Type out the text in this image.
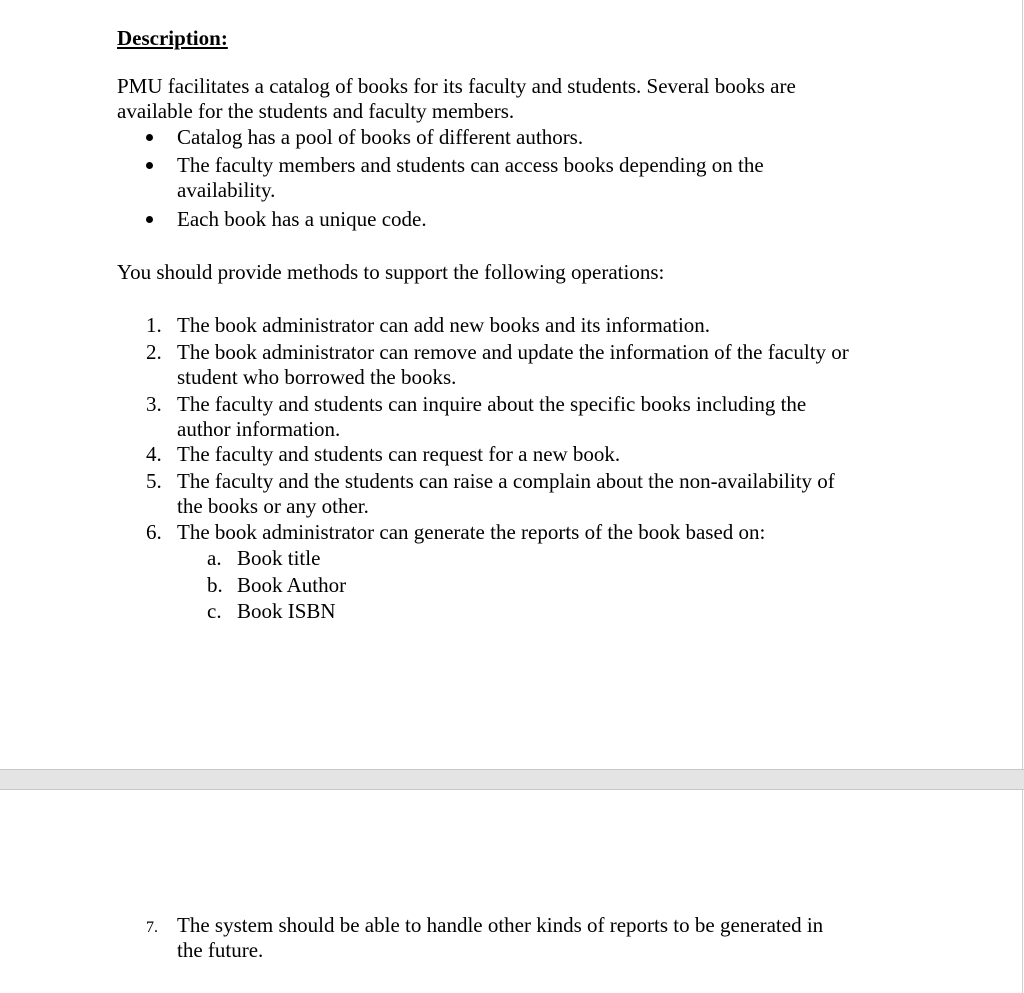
Description:
PMU facilitates a catalog of books for its faculty and students. Several books are
available for the students and faculty members.
Catalog has a pool of books of different authors.
The faculty members and students can access books depending on the
availability.
Each book has a unique code.
You should provide methods to support the following operations:
1. The book administrator can add new books and its information.
2. The book administrator can remove and update the information of the faculty or
student who borrowed the books.
3. The faculty and students can inquire about the specific books including the
author information.
4. The faculty and students can request for a new book.
5. The faculty and the students can raise a complain about the non-availability of
the books or any other.
6. The book administrator can generate the reports of the book based on:
a. Book title
b. Book Author
c. Book ISBN
7. The system should be able to handle other kinds of reports to be generated in
the future.
